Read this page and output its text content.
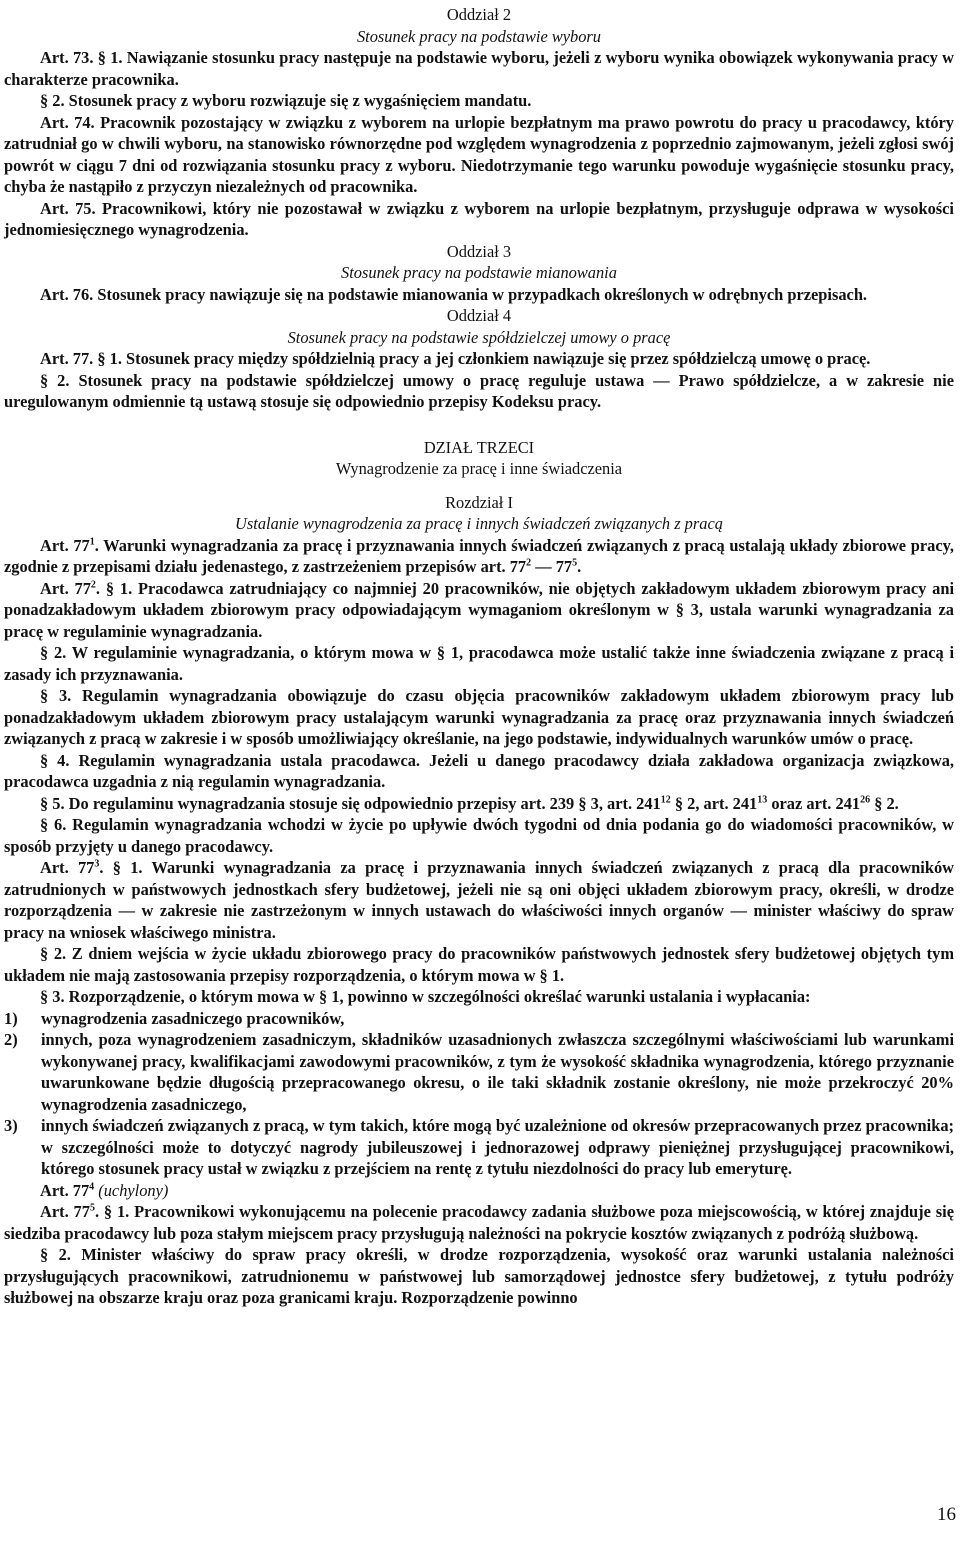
Oddział 2

Stosunek pracy na podstawie wyboru

Art. 73. § 1. Nawiązanie stosunku pracy następuje na podstawie wyboru, jeżeli z wyboru wynika obowiązek wykonywania pracy w charakterze pracownika.

§ 2. Stosunek pracy z wyboru rozwiązuje się z wygaśnięciem mandatu.

Art. 74. Pracownik pozostający w związku z wyborem na urlopie bezpłatnym ma prawo powrotu do pracy u pracodawcy, który zatrudniał go w chwili wyboru, na stanowisko równorzędne pod względem wynagrodzenia z poprzednio zajmowanym, jeżeli zgłosi swój powrót w ciągu 7 dni od rozwiązania stosunku pracy z wyboru. Niedotrzymanie tego warunku powoduje wygaśnięcie stosunku pracy, chyba że nastąpiło z przyczyn niezależnych od pracownika.

Art. 75. Pracownikowi, który nie pozostawał w związku z wyborem na urlopie bezpłatnym, przysługuje odprawa w wysokości jednomiesięcznego wynagrodzenia.

Oddział 3

Stosunek pracy na podstawie mianowania

Art. 76. Stosunek pracy nawiązuje się na podstawie mianowania w przypadkach określonych w odrębnych przepisach.

Oddział 4

Stosunek pracy na podstawie spółdzielczej umowy o pracę

Art. 77. § 1. Stosunek pracy między spółdzielnią pracy a jej członkiem nawiązuje się przez spółdzielczą umowę o pracę.

§ 2. Stosunek pracy na podstawie spółdzielczej umowy o pracę reguluje ustawa — Prawo spółdzielcze, a w zakresie nie uregulowanym odmiennie tą ustawą stosuje się odpowiednio przepisy Kodeksu pracy.

DZIAŁ TRZECI

Wynagrodzenie za pracę i inne świadczenia

Rozdział I

Ustalanie wynagrodzenia za pracę i innych świadczeń związanych z pracą

Art. $77^1$. Warunki wynagradzania za pracę i przyznawania innych świadczeń związanych z pracą ustalają układy zbiorowe pracy, zgodnie z przepisami działu jedenastego, z zastrzeżeniem przepisów art. $77^2$ — $77^5$.

Art. $77^2$. § 1. Pracodawca zatrudniający co najmniej 20 pracowników, nie objętych zakładowym układem zbiorowym pracy ani ponadzakładowym układem zbiorowym pracy odpowiadającym wymaganiom określonym w § 3, ustala warunki wynagradzania za pracę w regulaminie wynagradzania.

§ 2. W regulaminie wynagradzania, o którym mowa w § 1, pracodawca może ustalić także inne świadczenia związane z pracą i zasady ich przyznawania.

§ 3. Regulamin wynagradzania obowiązuje do czasu objęcia pracowników zakładowym układem zbiorowym pracy lub ponadzakładowym układem zbiorowym pracy ustalającym warunki wynagradzania za pracę oraz przyznawania innych świadczeń związanych z pracą w zakresie i w sposób umożliwiający określanie, na jego podstawie, indywidualnych warunków umów o pracę.

§ 4. Regulamin wynagradzania ustala pracodawca. Jeżeli u danego pracodawcy działa zakładowa organizacja związkowa, pracodawca uzgadnia z nią regulamin wynagradzania.

§ 5. Do regulaminu wynagradzania stosuje się odpowiednio przepisy art. 239 § 3, art. $241^{12}$ § 2, art. $241^{13}$ oraz art. $241^{26}$ § 2.

§ 6. Regulamin wynagradzania wchodzi w życie po upływie dwóch tygodni od dnia podania go do wiadomości pracowników, w sposób przyjęty u danego pracodawcy.

Art. $77^3$. § 1. Warunki wynagradzania za pracę i przyznawania innych świadczeń związanych z pracą dla pracowników zatrudnionych w państwowych jednostkach sfery budżetowej, jeżeli nie są oni objęci układem zbiorowym pracy, określi, w drodze rozporządzenia — w zakresie nie zastrzeżonym w innych ustawach do właściwości innych organów — minister właściwy do spraw pracy na wniosek właściwego ministra.

§ 2. Z dniem wejścia w życie układu zbiorowego pracy do pracowników państwowych jednostek sfery budżetowej objętych tym układem nie mają zastosowania przepisy rozporządzenia, o którym mowa w § 1.

§ 3. Rozporządzenie, o którym mowa w § 1, powinno w szczególności określać warunki ustalania i wypłacania:

1)	wynagrodzenia zasadniczego pracowników,
2)	innych, poza wynagrodzeniem zasadniczym, składników uzasadnionych zwłaszcza szczególnymi właściwościami lub warunkami wykonywanej pracy, kwalifikacjami zawodowymi pracowników, z tym że wysokość składnika wynagrodzenia, którego przyznanie uwarunkowane będzie długością przepracowanego okresu, o ile taki składnik zostanie określony, nie może przekroczyć 20% wynagrodzenia zasadniczego,
3)	innych świadczeń związanych z pracą, w tym takich, które mogą być uzależnione od okresów przepracowanych przez pracownika; w szczególności może to dotyczyć nagrody jubileuszowej i jednorazowej odprawy pieniężnej przysługującej pracownikowi, którego stosunek pracy ustał w związku z przejściem na rentę z tytułu niezdolności do pracy lub emeryturę.

Art. $77^4$ (uchylony)

Art. $77^5$. § 1. Pracownikowi wykonującemu na polecenie pracodawcy zadania służbowe poza miejscowością, w której znajduje się siedziba pracodawcy lub poza stałym miejscem pracy przysługują należności na pokrycie kosztów związanych z podróżą służbową.

§ 2. Minister właściwy do spraw pracy określi, w drodze rozporządzenia, wysokość oraz warunki ustalania należności przysługujących pracownikowi, zatrudnionemu w państwowej lub samorządowej jednostce sfery budżetowej, z tytułu podróży służbowej na obszarze kraju oraz poza granicami kraju. Rozporządzenie powinno

16
